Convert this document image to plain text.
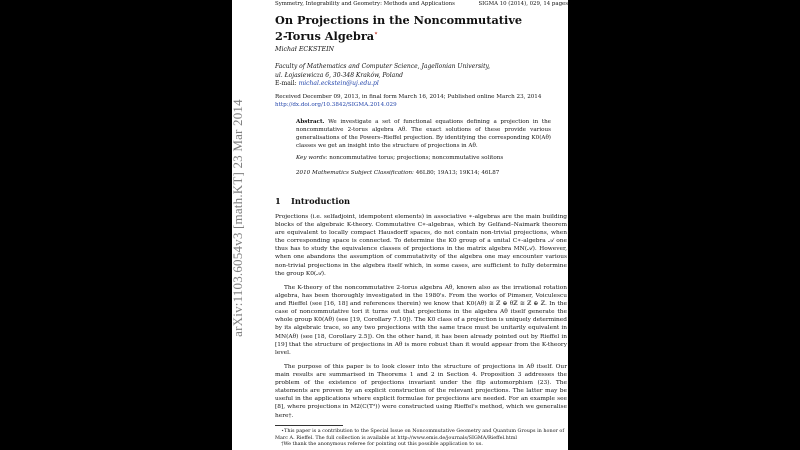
arXiv:1103.6054v3 [math.KT] 23 Mar 2014
Symmetry, Integrability and Geometry: Methods and Applications	SIGMA 10 (2014), 029, 14 pages
On Projections in the Noncommutative
2-Torus Algebra⋆
Michał ECKSTEIN
Faculty of Mathematics and Computer Science, Jagellonian University,
ul. Łojasiewicza 6, 30-348 Kraków, Poland
E-mail: michal.eckstein@uj.edu.pl
Received December 09, 2013, in final form March 16, 2014; Published online March 23, 2014
http://dx.doi.org/10.3842/SIGMA.2014.029
Abstract. We investigate a set of functional equations defining a projection in the noncommutative 2-torus algebra Aθ. The exact solutions of these provide various generalisations of the Powers–Rieffel projection. By identifying the corresponding K0(Aθ) classes we get an insight into the structure of projections in Aθ.
Key words: noncommutative torus; projections; noncommutative solitons
2010 Mathematics Subject Classification: 46L80; 19A13; 19K14; 46L87
1 Introduction
Projections (i.e. selfadjoint, idempotent elements) in associative ∗-algebras are the main building blocks of the algebraic K-theory. Commutative C∗-algebras, which by Gelfand–Naimark theorem are equivalent to locally compact Hausdorff spaces, do not contain non-trivial projections, when the corresponding space is connected. To determine the K0 group of a unital C∗-algebra 𝒜 one thus has to study the equivalence classes of projections in the matrix algebra MN(𝒜). However, when one abandons the assumption of commutativity of the algebra one may encounter various non-trivial projections in the algebra itself which, in some cases, are sufficient to fully determine the group K0(𝒜).
The K-theory of the noncommutative 2-torus algebra Aθ, known also as the irrational rotation algebra, has been thoroughly investigated in the 1980's. From the works of Pimsner, Voiculescu and Rieffel (see [16, 18] and references therein) we know that K0(Aθ) ≅ ℤ ⊕ θℤ ≅ ℤ ⊕ ℤ. In the case of noncommutative tori it turns out that projections in the algebra Aθ itself generate the whole group K0(Aθ) (see [19, Corollary 7.10]). The K0 class of a projection is uniquely determined by its algebraic trace, so any two projections with the same trace must be unitarily equivalent in MN(Aθ) (see [18, Corollary 2.5]). On the other hand, it has been already pointed out by Rieffel in [19] that the structure of projections in Aθ is more robust than it would appear from the K-theory level.
The purpose of this paper is to look closer into the structure of projections in Aθ itself. Our main results are summarised in Theorems 1 and 2 in Section 4. Proposition 3 addresses the problem of the existence of projections invariant under the flip automorphism (23). The statements are proven by an explicit construction of the relevant projections. The latter may be useful in the applications where explicit formulae for projections are needed. For an example see [8], where projections in M2(C(T²)) were constructed using Rieffel's method, which we generalise here†.
⋆This paper is a contribution to the Special Issue on Noncommutative Geometry and Quantum Groups in honor of Marc A. Rieffel. The full collection is available at http://www.emis.de/journals/SIGMA/Rieffel.html
†We thank the anonymous referee for pointing out this possible application to us.
